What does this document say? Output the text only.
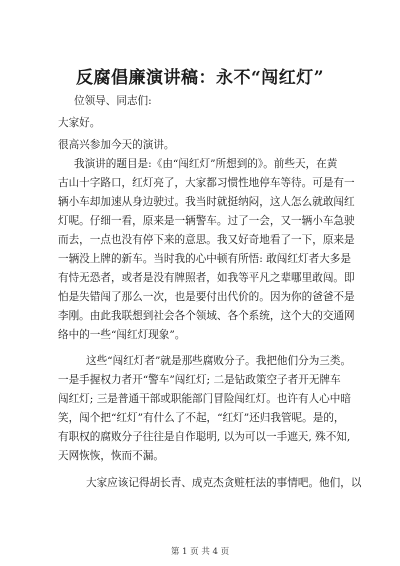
反腐倡廉演讲稿：永不“闯红灯”
位领导、同志们:
大家好。
很高兴参加今天的演讲。
我演讲的题目是:《由“闯红灯”所想到的》。前些天，在黄
古山十字路口，红灯亮了，大家都习惯性地停车等待。可是有一
辆小车却加速从身边驶过。我当时就挺纳闷，这人怎么就敢闯红
灯呢。仔细一看，原来是一辆警车。过了一会，又一辆小车急驶
而去，一点也没有停下来的意思。我又好奇地看了一下，原来是
一辆没上牌的新车。当时我的心中顿有所悟: 敢闯红灯者大多是
有恃无恐者，或者是没有牌照者，如我等平凡之辈哪里敢闯。即
怕是失错闯了那么一次，也是要付出代价的。因为你的爸爸不是
李刚。由此我联想到社会各个领域、各个系统，这个大的交通网
络中的一些“闯红灯现象”。
这些“闯红灯者”就是那些腐败分子。我把他们分为三类。
一是手握权力者开“警车”闯红灯; 二是钻政策空子者开无牌车
闯红灯; 三是普通干部或职能部门冒险闯红灯。也许有人心中暗
笑，闯个把“红灯”有什么了不起，“红灯”还归我管呢。是的，
有职权的腐败分子往往是自作聪明, 以为可以一手遮天, 殊不知,
天网恢恢，恢而不漏。
大家应该记得胡长青、成克杰贪赃枉法的事情吧。他们，以
第 1 页 共 4 页
